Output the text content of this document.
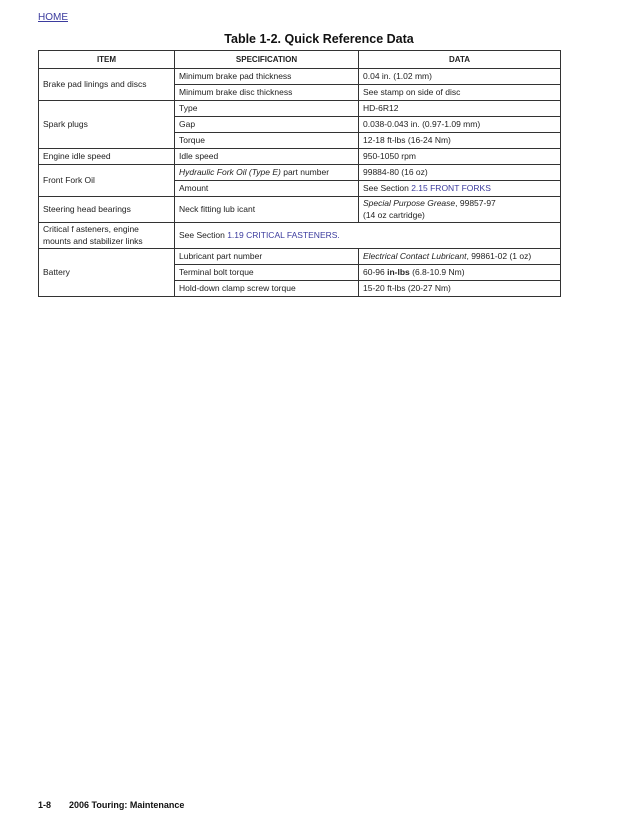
HOME
Table 1-2. Quick Reference Data
ITEM	SPECIFICATION	DATA
Brake pad linings and discs	Minimum brake pad thickness	0.04 in. (1.02 mm)
	Minimum brake disc thickness	See stamp on side of disc
Spark plugs	Type	HD-6R12
	Gap	0.038-0.043 in. (0.97-1.09 mm)
	Torque	12-18 ft-lbs (16-24 Nm)
Engine idle speed	Idle speed	950-1050 rpm
Front Fork Oil	Hydraulic Fork Oil (Type E) part number	99884-80 (16 oz)
	Amount	See Section 2.15 FRONT FORKS
Steering head bearings	Neck fitting lub icant	Special Purpose Grease, 99857-97
(14 oz cartridge)
Critical f asteners, engine
mounts and stabilizer links	See Section 1.19 CRITICAL FASTENERS.	
Battery	Lubricant part number	Electrical Contact Lubricant, 99861-02 (1 oz)
	Terminal bolt torque	60-96 in-lbs (6.8-10.9 Nm)
	Hold-down clamp screw torque	15-20 ft-lbs (20-27 Nm)
1-8 2006 Touring: Maintenance
